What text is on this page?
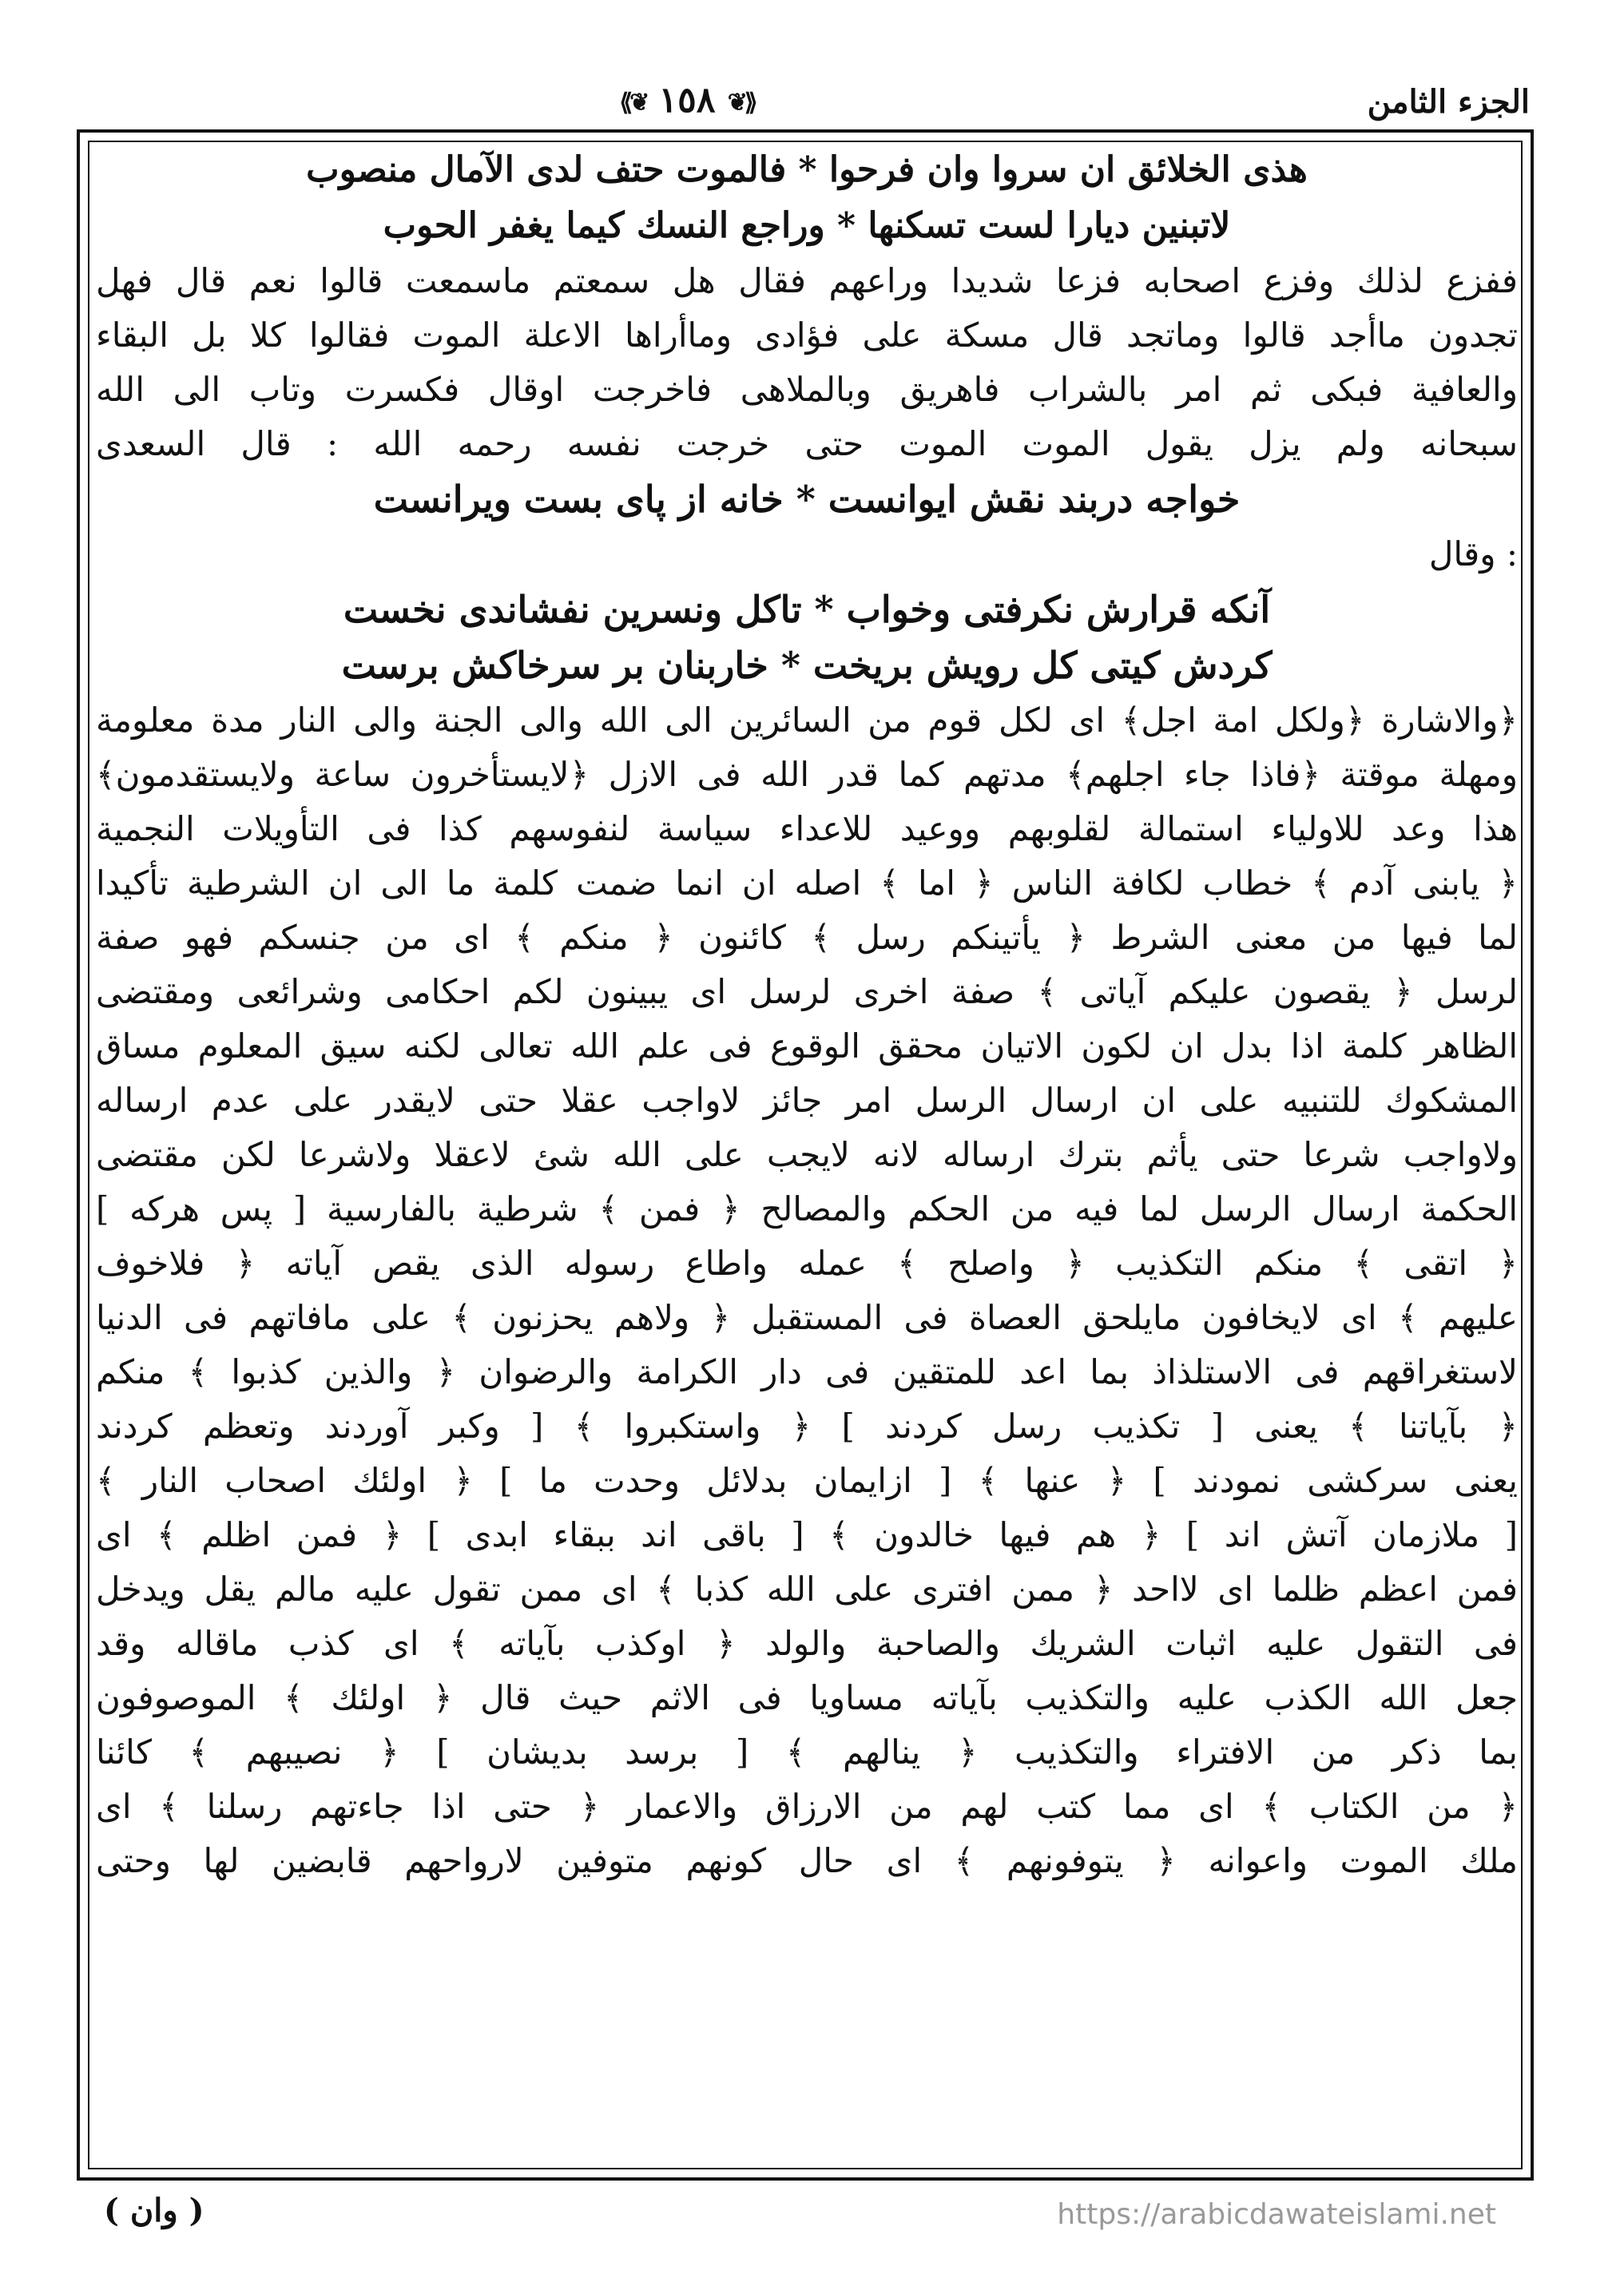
الجزء الثامن
⟪❦ ١٥٨ ❦⟫
هذى الخلائق ان سروا وان فرحوا * فالموت حتف لدى الآمال منصوب
لاتبنين ديارا لست تسكنها * وراجع النسك كيما يغفر الحوب
ففزع لذلك وفزع اصحابه فزعا شديدا وراعهم فقال هل سمعتم ماسمعت قالوا نعم قال فهل
تجدون ماأجد قالوا وماتجد قال مسكة على فؤادى وماأراها الاعلة الموت فقالوا كلا بل البقاء
والعافية فبكى ثم امر بالشراب فاهريق وبالملاهى فاخرجت اوقال فكسرت وتاب الى الله
سبحانه ولم يزل يقول الموت الموت حتى خرجت نفسه رحمه الله : قال السعدى
خواجه دربند نقش ايوانست * خانه از پاى بست ويرانست
: وقال
آنكه قرارش نكرفتى وخواب * تاكل ونسرين نفشاندى نخست
كردش كيتى كل رويش بريخت * خاربنان بر سرخاكش برست
﴿والاشارة ﴿ولكل امة اجل﴾ اى لكل قوم من السائرين الى الله والى الجنة والى النار مدة معلومة
ومهلة موقتة ﴿فاذا جاء اجلهم﴾ مدتهم كما قدر الله فى الازل ﴿لايستأخرون ساعة ولايستقدمون﴾
هذا وعد للاولياء استمالة لقلوبهم ووعيد للاعداء سياسة لنفوسهم كذا فى التأويلات النجمية
﴿ يابنى آدم ﴾ خطاب لكافة الناس ﴿ اما ﴾ اصله ان انما ضمت كلمة ما الى ان الشرطية تأكيدا
لما فيها من معنى الشرط ﴿ يأتينكم رسل ﴾ كائنون ﴿ منكم ﴾ اى من جنسكم فهو صفة
لرسل ﴿ يقصون عليكم آياتى ﴾ صفة اخرى لرسل اى يبينون لكم احكامى وشرائعى ومقتضى
الظاهر كلمة اذا بدل ان لكون الاتيان محقق الوقوع فى علم الله تعالى لكنه سيق المعلوم مساق
المشكوك للتنبيه على ان ارسال الرسل امر جائز لاواجب عقلا حتى لايقدر على عدم ارساله
ولاواجب شرعا حتى يأثم بترك ارساله لانه لايجب على الله شئ لاعقلا ولاشرعا لكن مقتضى
الحكمة ارسال الرسل لما فيه من الحكم والمصالح ﴿ فمن ﴾ شرطية بالفارسية [ پس هركه ]
﴿ اتقى ﴾ منكم التكذيب ﴿ واصلح ﴾ عمله واطاع رسوله الذى يقص آياته ﴿ فلاخوف
عليهم ﴾ اى لايخافون مايلحق العصاة فى المستقبل ﴿ ولاهم يحزنون ﴾ على مافاتهم فى الدنيا
لاستغراقهم فى الاستلذاذ بما اعد للمتقين فى دار الكرامة والرضوان ﴿ والذين كذبوا ﴾ منكم
﴿ بآياتنا ﴾ يعنى [ تكذيب رسل كردند ] ﴿ واستكبروا ﴾ [ وكبر آوردند وتعظم كردند
يعنى سركشى نمودند ] ﴿ عنها ﴾ [ ازايمان بدلائل وحدت ما ] ﴿ اولئك اصحاب النار ﴾
[ ملازمان آتش اند ] ﴿ هم فيها خالدون ﴾ [ باقى اند ببقاء ابدى ] ﴿ فمن اظلم ﴾ اى
فمن اعظم ظلما اى لااحد ﴿ ممن افترى على الله كذبا ﴾ اى ممن تقول عليه مالم يقل ويدخل
فى التقول عليه اثبات الشريك والصاحبة والولد ﴿ اوكذب بآياته ﴾ اى كذب ماقاله وقد
جعل الله الكذب عليه والتكذيب بآياته مساويا فى الاثم حيث قال ﴿ اولئك ﴾ الموصوفون
بما ذكر من الافتراء والتكذيب ﴿ ينالهم ﴾ [ برسد بديشان ] ﴿ نصيبهم ﴾ كائنا
﴿ من الكتاب ﴾ اى مما كتب لهم من الارزاق والاعمار ﴿ حتى اذا جاءتهم رسلنا ﴾ اى
ملك الموت واعوانه ﴿ يتوفونهم ﴾ اى حال كونهم متوفين لارواحهم قابضين لها وحتى
( وان )	https://arabicdawateislami.net
